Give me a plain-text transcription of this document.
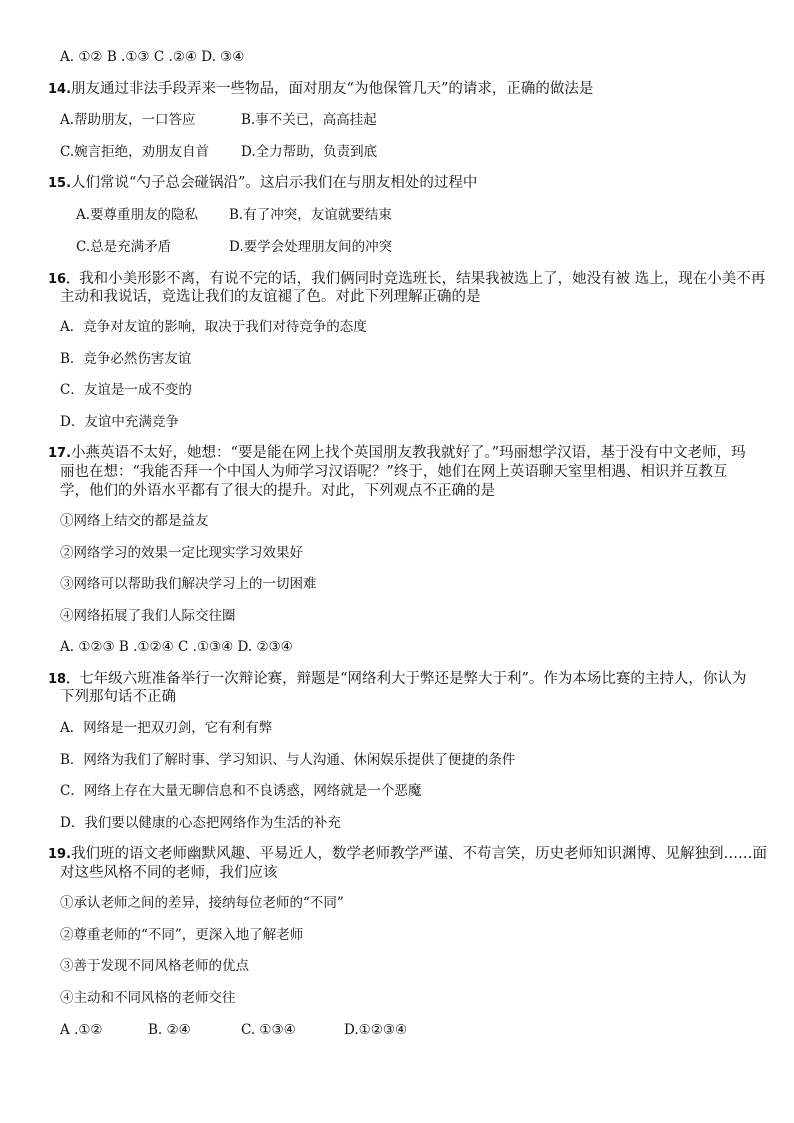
A. ①② B .①③ C .②④ D. ③④
14.朋友通过非法手段弄来一些物品，面对朋友“为他保管几天”的请求，正确的做法是
A.帮助朋友，一口答应	B.事不关已，高高挂起
C.婉言拒绝，劝朋友自首 D.全力帮助，负责到底
15.人们常说“勺子总会碰锅沿”。这启示我们在与朋友相处的过程中
A.要尊重朋友的隐私 B.有了冲突，友谊就要结束
C.总是充满矛盾	D.要学会处理朋友间的冲突
16．我和小美形影不离，有说不完的话，我们俩同时竞选班长，结果我被选上了，她没有被 选上，现在小美不再
主动和我说话，竞选让我们的友谊褪了色。对此下列理解正确的是
A．竞争对友谊的影响，取决于我们对待竞争的态度
B．竞争必然伤害友谊
C．友谊是一成不变的
D．友谊中充满竞争
17.小燕英语不太好，她想：“要是能在网上找个英国朋友教我就好了。”玛丽想学汉语，基于没有中文老师，玛
丽也在想：“我能否拜一个中国人为师学习汉语呢？”终于，她们在网上英语聊天室里相遇、相识并互教互
学，他们的外语水平都有了很大的提升。对此，下列观点不正确的是
①网络上结交的都是益友
②网络学习的效果一定比现实学习效果好
③网络可以帮助我们解决学习上的一切困难
④网络拓展了我们人际交往圈
A. ①②③ B .①②④ C .①③④ D. ②③④
18．七年级六班准备举行一次辩论赛，辩题是“网络利大于弊还是弊大于利”。作为本场比赛的主持人，你认为
下列那句话不正确
A．网络是一把双刃剑，它有利有弊
B．网络为我们了解时事、学习知识、与人沟通、休闲娱乐提供了便捷的条件
C．网络上存在大量无聊信息和不良诱惑，网络就是一个恶魔
D．我们要以健康的心态把网络作为生活的补充
19.我们班的语文老师幽默风趣、平易近人，数学老师教学严谨、不苟言笑，历史老师知识渊博、见解独到……面
对这些风格不同的老师，我们应该
①承认老师之间的差异，接纳每位老师的“不同”
②尊重老师的“不同”，更深入地了解老师
③善于发现不同风格老师的优点
④主动和不同风格的老师交往
A .①②	B. ②④	C. ①③④	D.①②③④
